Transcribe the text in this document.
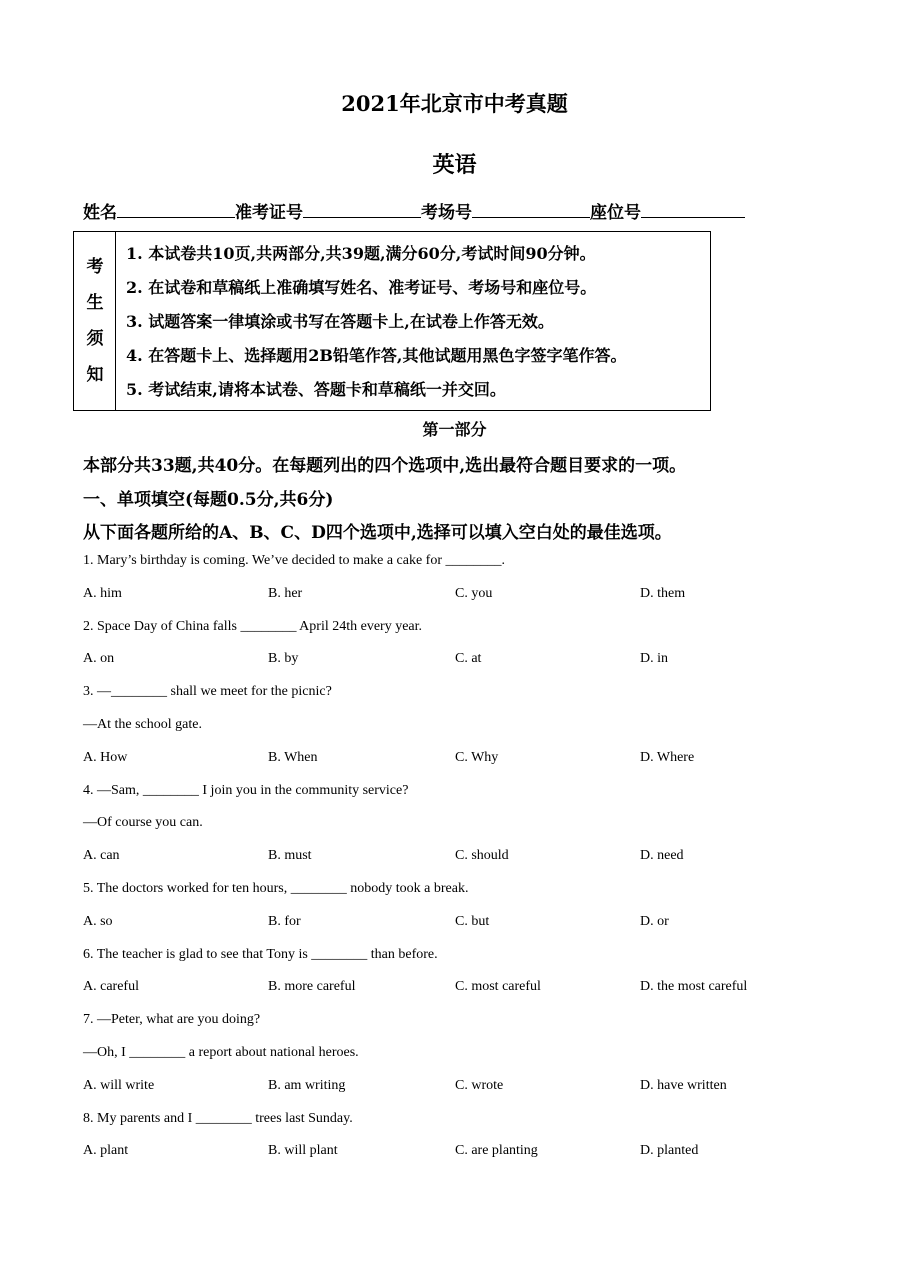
2021年北京市中考真题
英语
姓名	准考证号	考场号	座位号
考
生
须
知
1. 本试卷共10页,共两部分,共39题,满分60分,考试时间90分钟。
2. 在试卷和草稿纸上准确填写姓名、准考证号、考场号和座位号。
3. 试题答案一律填涂或书写在答题卡上,在试卷上作答无效。
4. 在答题卡上、选择题用2B铅笔作答,其他试题用黑色字签字笔作答。
5. 考试结束,请将本试卷、答题卡和草稿纸一并交回。
第一部分
本部分共33题,共40分。在每题列出的四个选项中,选出最符合题目要求的一项。
一、单项填空(每题0.5分,共6分)
从下面各题所给的A、B、C、D四个选项中,选择可以填入空白处的最佳选项。
1. Mary’s birthday is coming. We’ve decided to make a cake for ________.
A. him	B. her	C. you	D. them
2. Space Day of China falls ________ April 24th every year.
A. on	B. by	C. at	D. in
3. —________ shall we meet for the picnic?
—At the school gate.
A. How	B. When	C. Why	D. Where
4. —Sam, ________ I join you in the community service?
—Of course you can.
A. can	B. must	C. should	D. need
5. The doctors worked for ten hours, ________ nobody took a break.
A. so	B. for	C. but	D. or
6. The teacher is glad to see that Tony is ________ than before.
A. careful	B. more careful	C. most careful	D. the most careful
7. —Peter, what are you doing?
—Oh, I ________ a report about national heroes.
A. will write	B. am writing	C. wrote	D. have written
8. My parents and I ________ trees last Sunday.
A. plant	B. will plant	C. are planting	D. planted
